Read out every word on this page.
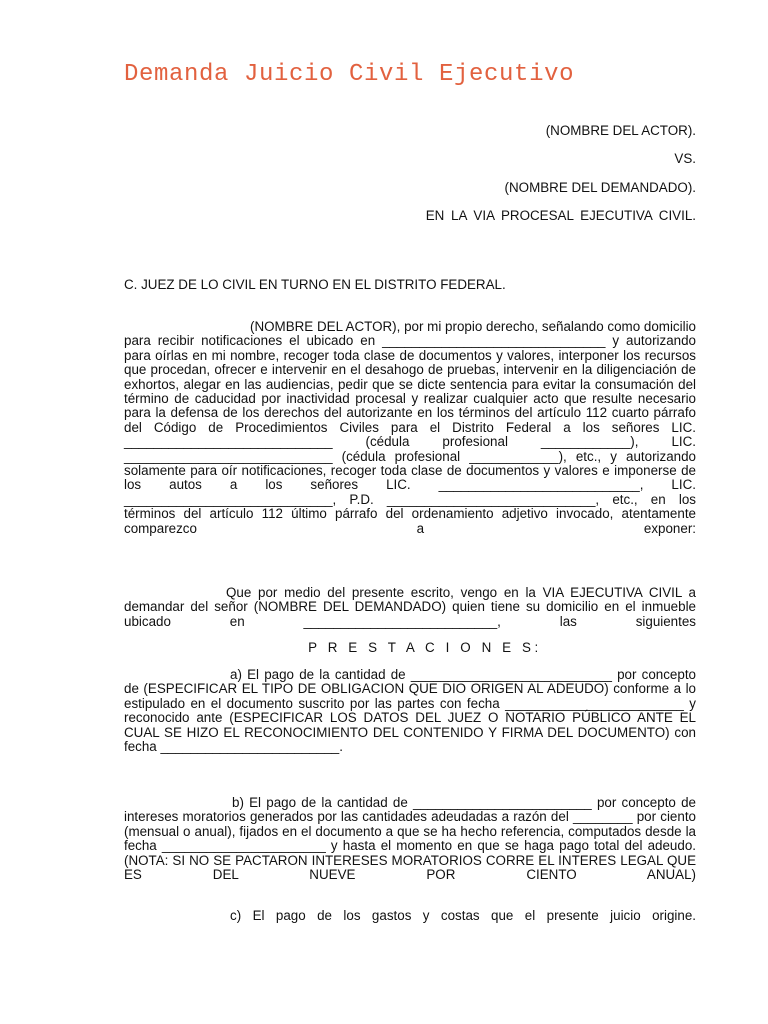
Demanda Juicio Civil Ejecutivo
(NOMBRE DEL ACTOR).
VS.
(NOMBRE DEL DEMANDADO).
EN LA VIA PROCESAL EJECUTIVA CIVIL.
C. JUEZ DE LO CIVIL EN TURNO EN EL DISTRITO FEDERAL.

(NOMBRE DEL ACTOR), por mi propio derecho, señalando como domicilio para recibir notificaciones el ubicado en ______________________________ y autorizando para oírlas en mi nombre, recoger toda clase de documentos y valores, interponer los recursos que procedan, ofrecer e intervenir en el desahogo de pruebas, intervenir en la diligenciación de exhortos, alegar en las audiencias, pedir que se dicte sentencia para evitar la consumación del término de caducidad por inactividad procesal y realizar cualquier acto que resulte necesario para la defensa de los derechos del autorizante en los términos del artículo 112 cuarto párrafo del Código de Procedimientos Civiles para el Distrito Federal a los señores LIC. ____________________________ (cédula profesional ____________), LIC. ____________________________ (cédula profesional ____________), etc., y autorizando solamente para oír notificaciones, recoger toda clase de documentos y valores e imponerse de los autos a los señores LIC. ___________________________, LIC. ____________________________, P.D. ____________________________, etc., en los términos del artículo 112 último párrafo del ordenamiento adjetivo invocado, atentamente comparezco a exponer:

Que por medio del presente escrito, vengo en la VIA EJECUTIVA CIVIL a demandar del señor (NOMBRE DEL DEMANDADO) quien tiene su domicilio en el inmueble ubicado en __________________________, las siguientes

P R E S T A C I O N E S:

a) El pago de la cantidad de ___________________________ por concepto de (ESPECIFICAR EL TIPO DE OBLIGACION QUE DIO ORIGEN AL ADEUDO) conforme a lo estipulado en el documento suscrito por las partes con fecha ________________________ y reconocido ante (ESPECIFICAR LOS DATOS DEL JUEZ O NOTARIO PÚBLICO ANTE EL CUAL SE HIZO EL RECONOCIMIENTO DEL CONTENIDO Y FIRMA DEL DOCUMENTO) con fecha ________________________.

b) El pago de la cantidad de ________________________ por concepto de intereses moratorios generados por las cantidades adeudadas a razón del ________ por ciento (mensual o anual), fijados en el documento a que se ha hecho referencia, computados desde la fecha ______________________ y hasta el momento en que se haga pago total del adeudo. (NOTA: SI NO SE PACTARON INTERESES MORATORIOS CORRE EL INTERES LEGAL QUE ES DEL NUEVE POR CIENTO ANUAL)

c) El pago de los gastos y costas que el presente juicio origine.
